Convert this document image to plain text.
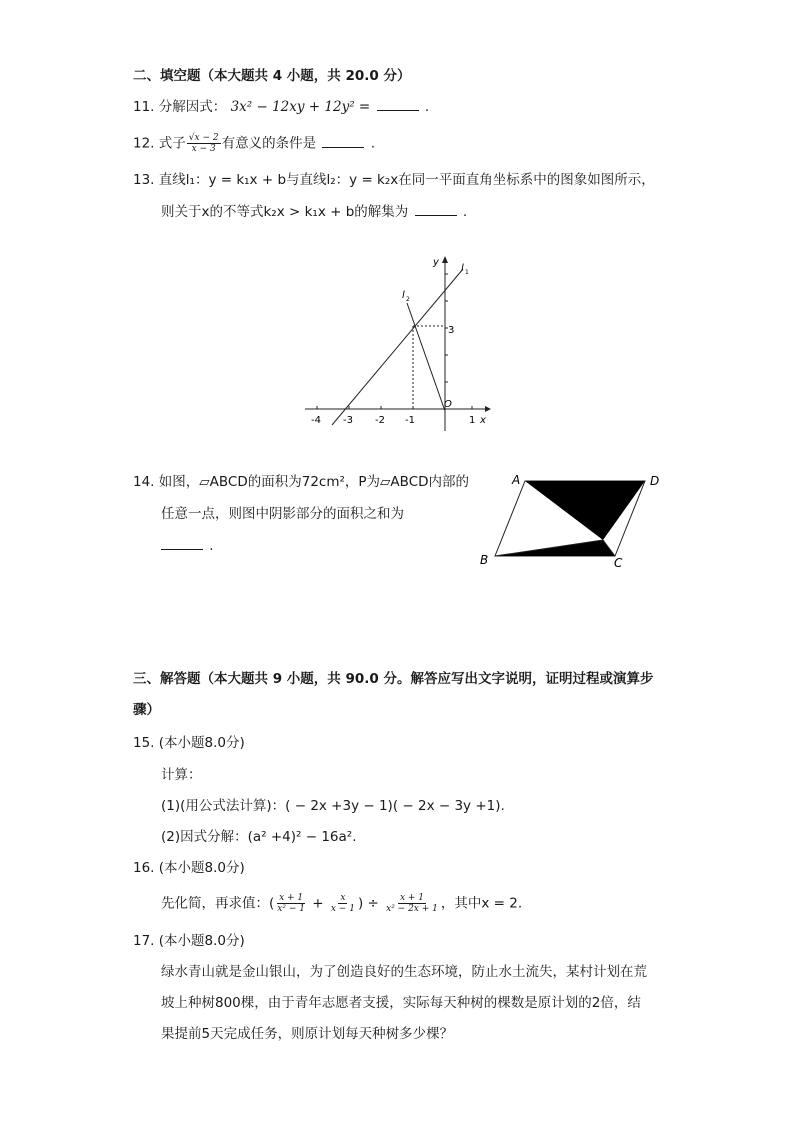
二、填空题（本大题共 4 小题，共 20.0 分）
11. 分解因式： 3x² − 12xy + 12y² =	.
12. 式子 $\frac{√x - 2}{x - 3}$ 有意义的条件是	.
13. 直线l₁：y = k₁x + b与直线l₂：y = k₂x在同一平面直角坐标系中的图象如图所示，
则关于x的不等式k₂x > k₁x + b的解集为	.
-4 -3 -2 -1	1 x
y
3
O
l 1
l 2
14. 如图，▱ABCD的面积为72cm²，P为▱ABCD内部的
任意一点，则图中阴影部分的面积之和为
.
A	D
B	C
三、解答题（本大题共 9 小题，共 90.0 分。解答应写出文字说明，证明过程或演算步
骤）
15. (本小题8.0分)
计算：
(1)(用公式法计算)：( − 2x +3y − 1)( − 2x − 3y +1).
(2)因式分解：(a² +4)² − 16a².
16. (本小题8.0分)
先化简，再求值：( $\frac{x + 1}{\text{x² − 1}} + \frac{x}{x - 1}$ ) ÷ $\frac{x + 1}{\text{x² − 2x + 1}}$ ，其中x = 2.
17. (本小题8.0分)
绿水青山就是金山银山，为了创造良好的生态环境，防止水土流失，某村计划在荒
坡上种树800棵，由于青年志愿者支援，实际每天种树的棵数是原计划的2倍，结
果提前5天完成任务，则原计划每天种树多少棵？
